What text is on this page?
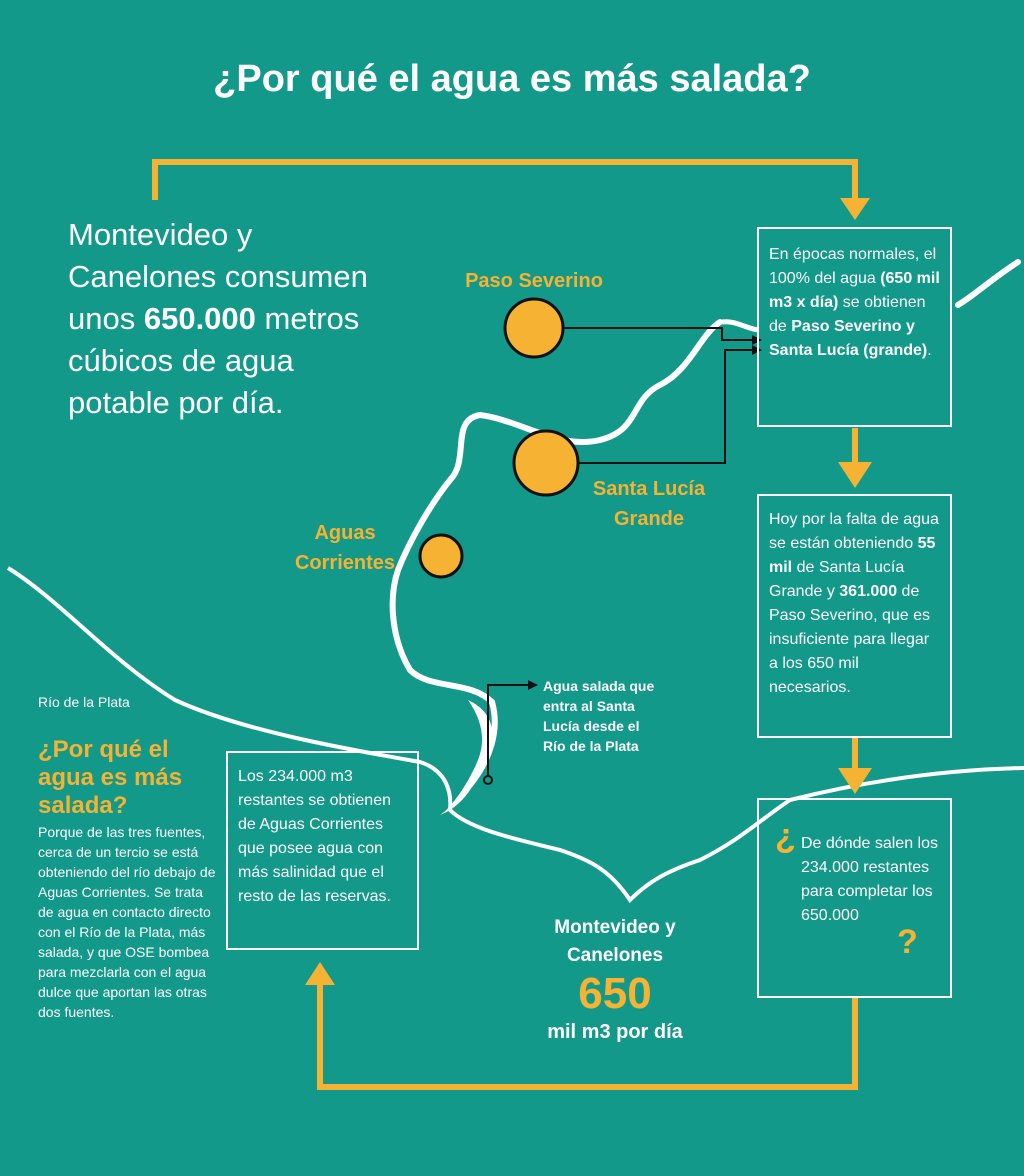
¿Por qué el agua es más salada?
Montevideo y Canelones consumen unos 650.000 metros cúbicos de agua potable por día.
Paso Severino
Santa Lucía
Grande
Aguas
Corrientes
En épocas normales, el 100% del agua (650 mil m3 x día) se obtienen de Paso Severino y Santa Lucía (grande).
Hoy por la falta de agua se están obteniendo 55 mil de Santa Lucía Grande y 361.000 de Paso Severino, que es insuficiente para llegar a los 650 mil necesarios.
¿ De dónde salen los 234.000 restantes para completar los 650.000
?
Los 234.000 m3 restantes se obtienen de Aguas Corrientes que posee agua con más salinidad que el resto de las reservas.
Río de la Plata
¿Por qué el agua es más salada?
Porque de las tres fuentes, cerca de un tercio se está obteniendo del río debajo de Aguas Corrientes. Se trata de agua en contacto directo con el Río de la Plata, más salada, y que OSE bombea para mezclarla con el agua dulce que aportan las otras dos fuentes.
Agua salada que entra al Santa Lucía desde el Río de la Plata
Montevideo y Canelones
650
mil m3 por día
